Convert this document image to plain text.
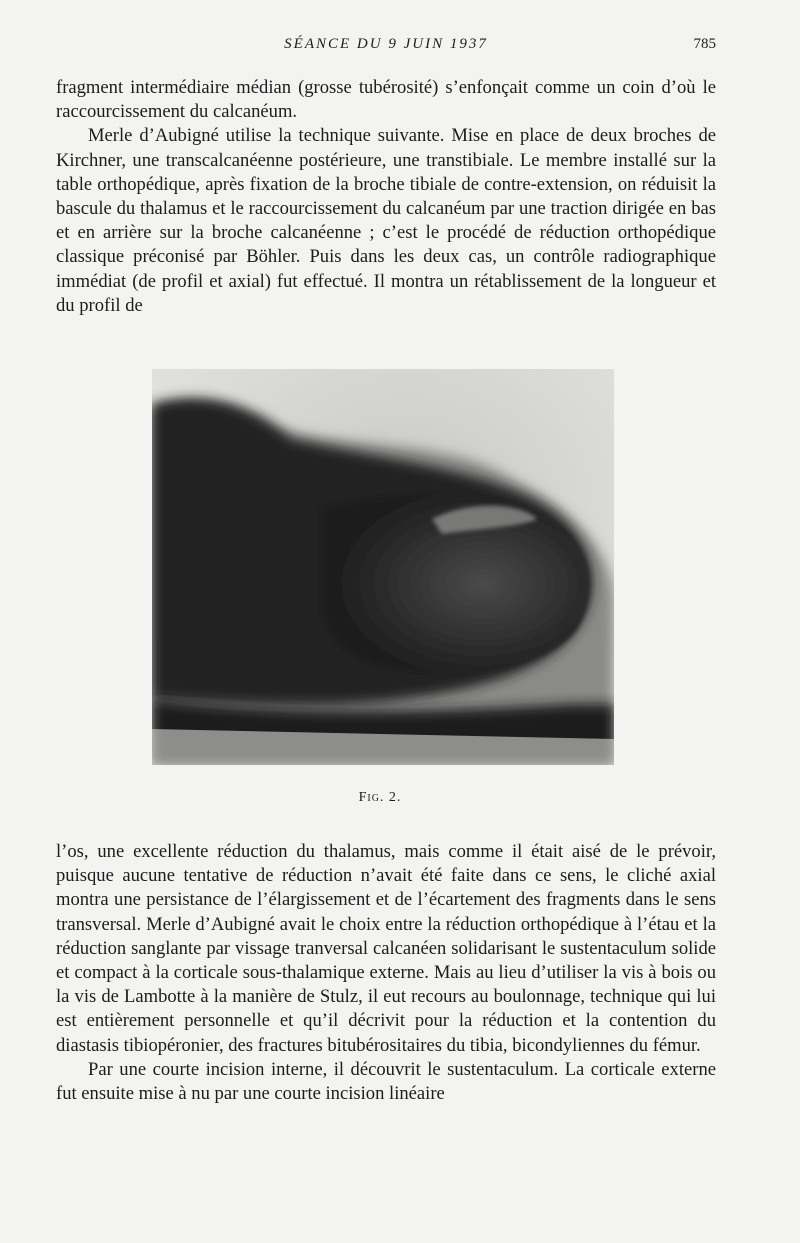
SÉANCE DU 9 JUIN 1937	785

fragment intermédiaire médian (grosse tubérosité) s’enfonçait comme un coin d’où le raccourcissement du calcanéum.

Merle d’Aubigné utilise la technique suivante. Mise en place de deux broches de Kirchner, une transcalcanéenne postérieure, une transtibiale. Le membre installé sur la table orthopédique, après fixation de la broche tibiale de contre-extension, on réduisit la bascule du thalamus et le raccourcissement du calcanéum par une traction dirigée en bas et en arrière sur la broche calcanéenne ; c’est le procédé de réduction orthopédique classique préconisé par Böhler. Puis dans les deux cas, un contrôle radiographique immédiat (de profil et axial) fut effectué. Il montra un rétablissement de la longueur et du profil de

Fig. 2.

l’os, une excellente réduction du thalamus, mais comme il était aisé de le prévoir, puisque aucune tentative de réduction n’avait été faite dans ce sens, le cliché axial montra une persistance de l’élargissement et de l’écartement des fragments dans le sens transversal. Merle d’Aubigné avait le choix entre la réduction orthopédique à l’étau et la réduction sanglante par vissage tranversal calcanéen solidarisant le sustentaculum solide et compact à la corticale sous-thalamique externe. Mais au lieu d’utiliser la vis à bois ou la vis de Lambotte à la manière de Stulz, il eut recours au boulonnage, technique qui lui est entièrement personnelle et qu’il décrivit pour la réduction et la contention du diastasis tibiopéronier, des fractures bitubérositaires du tibia, bicondyliennes du fémur.

Par une courte incision interne, il découvrit le sustentaculum. La corticale externe fut ensuite mise à nu par une courte incision linéaire
